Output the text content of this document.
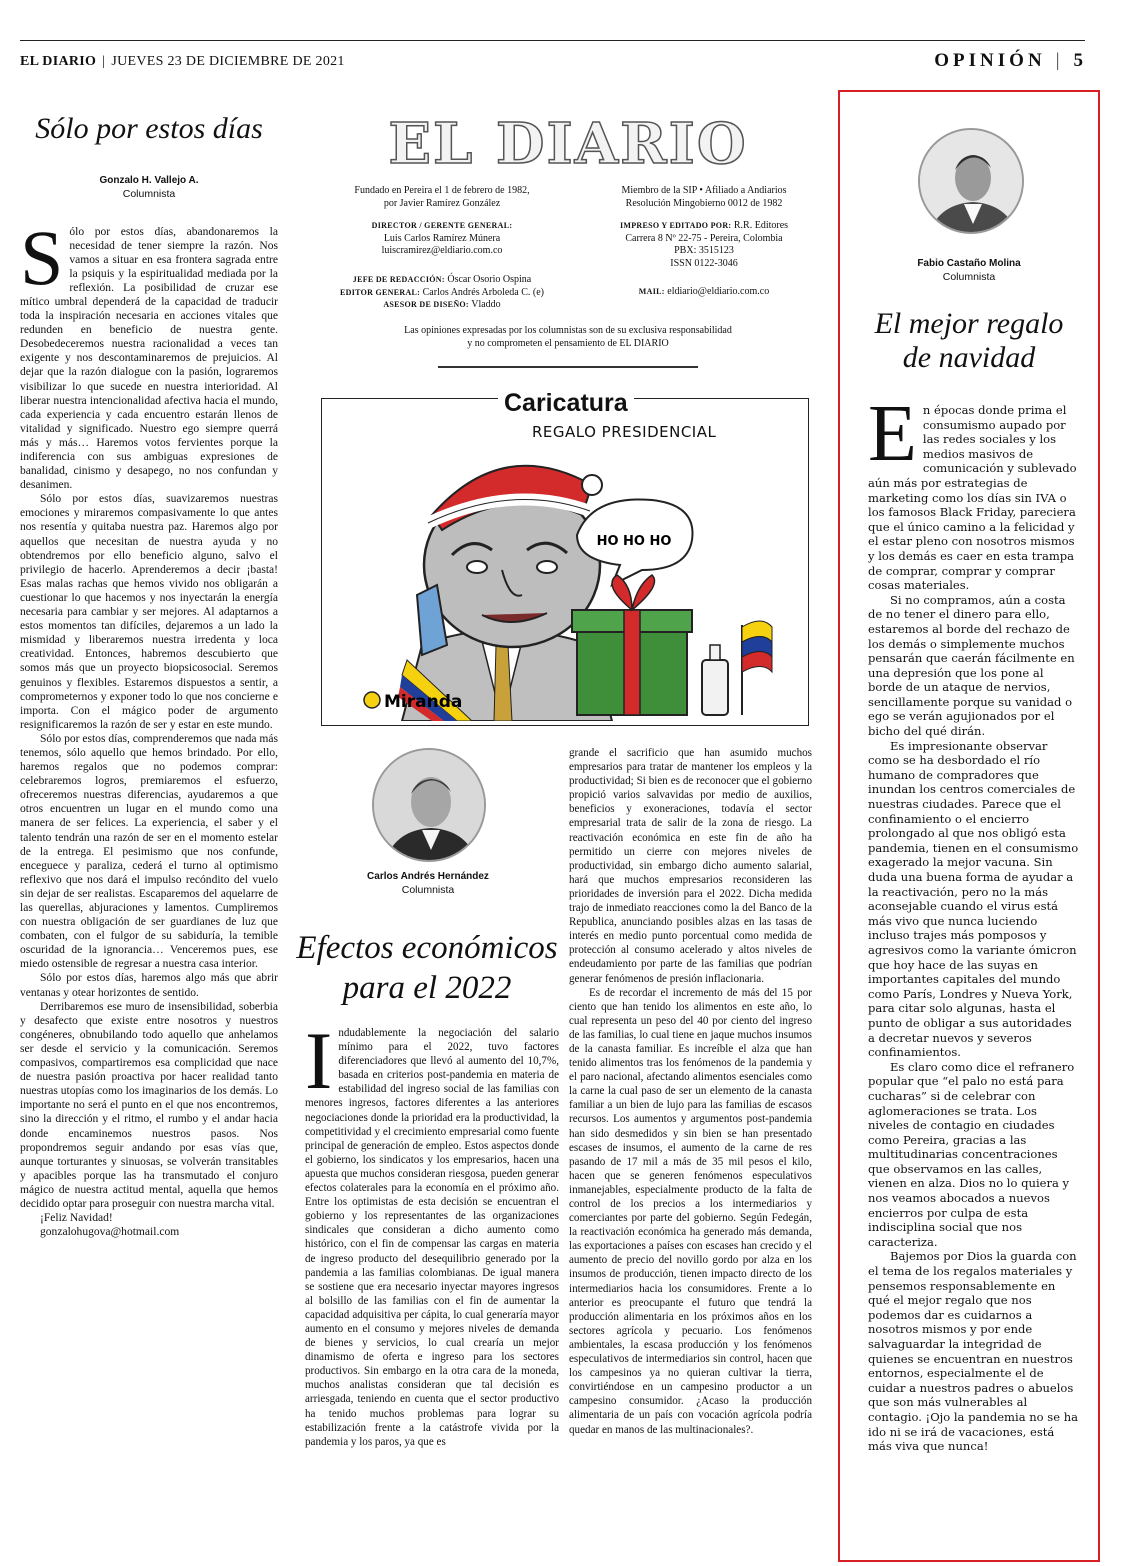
EL DIARIO | JUEVES 23 DE DICIEMBRE DE 2021	OPINIÓN | 5
Sólo por estos días
Gonzalo H. Vallejo A.
Columnista

Sólo por estos días, abandonaremos la necesidad de tener siempre la razón. Nos vamos a situar en esa frontera sagrada entre la psiquis y la espiritualidad mediada por la reflexión. La posibilidad de cruzar ese mítico umbral dependerá de la capacidad de traducir toda la inspiración necesaria en acciones vitales que redunden en beneficio de nuestra gente. Desobedeceremos nuestra racionalidad a veces tan exigente y nos descontaminaremos de prejuicios. Al dejar que la razón dialogue con la pasión, lograremos visibilizar lo que sucede en nuestra interioridad. Al liberar nuestra intencionalidad afectiva hacia el mundo, cada experiencia y cada encuentro estarán llenos de vitalidad y significado. Nuestro ego siempre querrá más y más… Haremos votos fervientes porque la indiferencia con sus ambiguas expresiones de banalidad, cinismo y desapego, no nos confundan y desanimen.

Sólo por estos días, suavizaremos nuestras emociones y miraremos compasivamente lo que antes nos resentía y quitaba nuestra paz. Haremos algo por aquellos que necesitan de nuestra ayuda y no obtendremos por ello beneficio alguno, salvo el privilegio de hacerlo. Aprenderemos a decir ¡basta! Esas malas rachas que hemos vivido nos obligarán a cuestionar lo que hacemos y nos inyectarán la energía necesaria para cambiar y ser mejores. Al adaptarnos a estos momentos tan difíciles, dejaremos a un lado la mismidad y liberaremos nuestra irredenta y loca creatividad. Entonces, habremos descubierto que somos más que un proyecto biopsicosocial. Seremos genuinos y flexibles. Estaremos dispuestos a sentir, a comprometernos y exponer todo lo que nos concierne e importa. Con el mágico poder de argumento resignificaremos la razón de ser y estar en este mundo.

Sólo por estos días, comprenderemos que nada más tenemos, sólo aquello que hemos brindado. Por ello, haremos regalos que no podemos comprar: celebraremos logros, premiaremos el esfuerzo, ofreceremos nuestras diferencias, ayudaremos a que otros encuentren un lugar en el mundo como una manera de ser felices. La experiencia, el saber y el talento tendrán una razón de ser en el momento estelar de la entrega. El pesimismo que nos confunde, enceguece y paraliza, cederá el turno al optimismo reflexivo que nos dará el impulso recóndito del vuelo sin dejar de ser realistas. Escaparemos del aquelarre de las querellas, abjuraciones y lamentos. Cumpliremos con nuestra obligación de ser guardianes de luz que combaten, con el fulgor de su sabiduría, la temible oscuridad de la ignorancia… Venceremos pues, ese miedo ostensible de regresar a nuestra casa interior.

Sólo por estos días, haremos algo más que abrir ventanas y otear horizontes de sentido.

Derribaremos ese muro de insensibilidad, soberbia y desafecto que existe entre nosotros y nuestros congéneres, obnubilando todo aquello que anhelamos ser desde el servicio y la comunicación. Seremos compasivos, compartiremos esa complicidad que nace de nuestra pasión proactiva por hacer realidad tanto nuestras utopías como los imaginarios de los demás. Lo importante no será el punto en el que nos encontremos, sino la dirección y el ritmo, el rumbo y el andar hacia donde encaminemos nuestros pasos. Nos propondremos seguir andando por esas vías que, aunque torturantes y sinuosas, se volverán transitables y apacibles porque las ha transmutado el conjuro mágico de nuestra actitud mental, aquella que hemos decidido optar para proseguir con nuestra marcha vital.

¡Feliz Navidad!

gonzalohugova@hotmail.com

EL DIARIO
Fundado en Pereira el 1 de febrero de 1982,
por Javier Ramírez González
DIRECTOR / GERENTE GENERAL:
Luis Carlos Ramírez Múnera
luiscramirez@eldiario.com.co
Miembro de la SIP • Afiliado a Andiarios
Resolución Mingobierno 0012 de 1982
IMPRESO Y EDITADO POR: R.R. Editores
Carrera 8 Nº 22-75 - Pereira, Colombia
PBX: 3515123
ISSN 0122-3046
JEFE DE REDACCIÓN: Óscar Osorio Ospina
EDITOR GENERAL: Carlos Andrés Arboleda C. (e)
ASESOR DE DISEÑO: Vladdo
MAIL: eldiario@eldiario.com.co
Las opiniones expresadas por los columnistas son de su exclusiva responsabilidad
y no comprometen el pensamiento de EL DIARIO
Caricatura
REGALO PRESIDENCIAL
HO HO HO
Miranda
Carlos Andrés Hernández
Columnista
Efectos económicos
para el 2022

Indudablemente la negociación del salario mínimo para el 2022, tuvo factores diferenciadores que llevó al aumento del 10,7%, basada en criterios post-pandemia en materia de estabilidad del ingreso social de las familias con menores ingresos, factores diferentes a las anteriores negociaciones donde la prioridad era la productividad, la competitividad y el crecimiento empresarial como fuente principal de generación de empleo. Estos aspectos donde el gobierno, los sindicatos y los empresarios, hacen una apuesta que muchos consideran riesgosa, pueden generar efectos colaterales para la economía en el próximo año. Entre los optimistas de esta decisión se encuentran el gobierno y los representantes de las organizaciones sindicales que consideran a dicho aumento como histórico, con el fin de compensar las cargas en materia de ingreso producto del desequilibrio generado por la pandemia a las familias colombianas. De igual manera se sostiene que era necesario inyectar mayores ingresos al bolsillo de las familias con el fin de aumentar la capacidad adquisitiva per cápita, lo cual generaría mayor aumento en el consumo y mejores niveles de demanda de bienes y servicios, lo cual crearía un mejor dinamismo de oferta e ingreso para los sectores productivos. Sin embargo en la otra cara de la moneda, muchos analistas consideran que tal decisión es arriesgada, teniendo en cuenta que el sector productivo ha tenido muchos problemas para lograr su estabilización frente a la catástrofe vivida por la pandemia y los paros, ya que es

grande el sacrificio que han asumido muchos empresarios para tratar de mantener los empleos y la productividad; Si bien es de reconocer que el gobierno propició varios salvavidas por medio de auxilios, beneficios y exoneraciones, todavía el sector empresarial trata de salir de la zona de riesgo. La reactivación económica en este fin de año ha permitido un cierre con mejores niveles de productividad, sin embargo dicho aumento salarial, hará que muchos empresarios reconsideren las prioridades de inversión para el 2022. Dicha medida trajo de inmediato reacciones como la del Banco de la Republica, anunciando posibles alzas en las tasas de interés en medio punto porcentual como medida de protección al consumo acelerado y altos niveles de endeudamiento por parte de las familias que podrían generar fenómenos de presión inflacionaria.

Es de recordar el incremento de más del 15 por ciento que han tenido los alimentos en este año, lo cual representa un peso del 40 por ciento del ingreso de las familias, lo cual tiene en jaque muchos insumos de la canasta familiar. Es increíble el alza que han tenido alimentos tras los fenómenos de la pandemia y el paro nacional, afectando alimentos esenciales como la carne la cual paso de ser un elemento de la canasta familiar a un bien de lujo para las familias de escasos recursos. Los aumentos y argumentos post-pandemia han sido desmedidos y sin bien se han presentado escases de insumos, el aumento de la carne de res pasando de 17 mil a más de 35 mil pesos el kilo, hacen que se generen fenómenos especulativos inmanejables, especialmente producto de la falta de control de los precios a los intermediarios y comerciantes por parte del gobierno. Según Fedegán, la reactivación económica ha generado más demanda, las exportaciones a países con escases han crecido y el aumento de precio del novillo gordo por alza en los insumos de producción, tienen impacto directo de los intermediarios hacia los consumidores. Frente a lo anterior es preocupante el futuro que tendrá la producción alimentaria en los próximos años en los sectores agrícola y pecuario. Los fenómenos ambientales, la escasa producción y los fenómenos especulativos de intermediarios sin control, hacen que los campesinos ya no quieran cultivar la tierra, convirtiéndose en un campesino productor a un campesino consumidor. ¿Acaso la producción alimentaria de un país con vocación agrícola podría quedar en manos de las multinacionales?.

Fabio Castaño Molina
Columnista
El mejor regalo
de navidad

En épocas donde prima el consumismo aupado por las redes sociales y los medios masivos de comunicación y sublevado aún más por estrategias de marketing como los días sin IVA o los famosos Black Friday, pareciera que el único camino a la felicidad y el estar pleno con nosotros mismos y los demás es caer en esta trampa de comprar, comprar y comprar cosas materiales.

Si no compramos, aún a costa de no tener el dinero para ello, estaremos al borde del rechazo de los demás o simplemente muchos pensarán que caerán fácilmente en una depresión que los pone al borde de un ataque de nervios, sencillamente porque su vanidad o ego se verán agujionados por el bicho del qué dirán.

Es impresionante observar como se ha desbordado el río humano de compradores que inundan los centros comerciales de nuestras ciudades. Parece que el confinamiento o el encierro prolongado al que nos obligó esta pandemia, tienen en el consumismo exagerado la mejor vacuna. Sin duda una buena forma de ayudar a la reactivación, pero no la más aconsejable cuando el virus está más vivo que nunca luciendo incluso trajes más pomposos y agresivos como la variante ómicron que hoy hace de las suyas en importantes capitales del mundo como París, Londres y Nueva York, para citar solo algunas, hasta el punto de obligar a sus autoridades a decretar nuevos y severos confinamientos.

Es claro como dice el refranero popular que “el palo no está para cucharas” si de celebrar con aglomeraciones se trata. Los niveles de contagio en ciudades como Pereira, gracias a las multitudinarias concentraciones que observamos en las calles, vienen en alza. Dios no lo quiera y nos veamos abocados a nuevos encierros por culpa de esta indisciplina social que nos caracteriza.

Bajemos por Dios la guarda con el tema de los regalos materiales y pensemos responsablemente en qué el mejor regalo que nos podemos dar es cuidarnos a nosotros mismos y por ende salvaguardar la integridad de quienes se encuentran en nuestros entornos, especialmente el de cuidar a nuestros padres o abuelos que son más vulnerables al contagio. ¡Ojo la pandemia no se ha ido ni se irá de vacaciones, está más viva que nunca!
